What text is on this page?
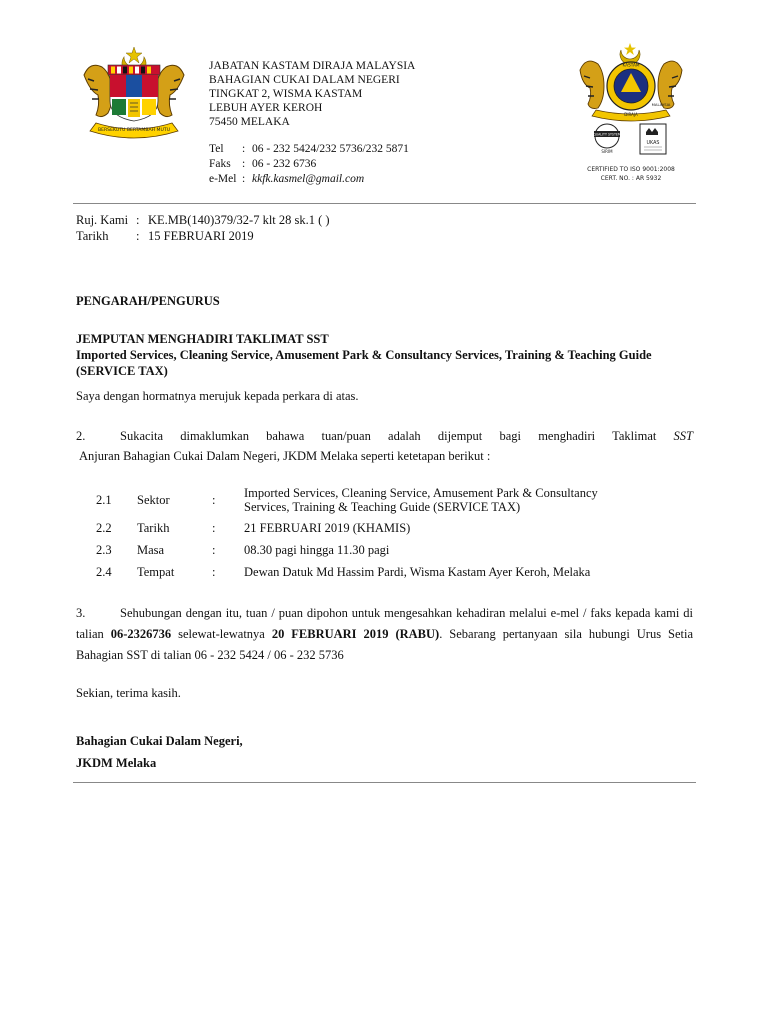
BERSEKUTU BERTAMBAH MUTU
JABATAN KASTAM DIRAJA MALAYSIA
BAHAGIAN CUKAI DALAM NEGERI
TINGKAT 2, WISMA KASTAM
LEBUH AYER KEROH
75450 MELAKA
Tel	: 06 - 232 5424/232 5736/232 5871
Faks : 06 - 232 6736
e-Mel : kkfk.kasmel@gmail.com
KASTAM
MALAYSIA
DIRAJA
QUALITY SYSTEM
SIRIM
UKAS
CERTIFIED TO ISO 9001:2008
CERT. NO. : AR 5932
Ruj. Kami : KE.MB(140)379/32-7 klt 28 sk.1 ( )
Tarikh	: 15 FEBRUARI 2019
PENGARAH/PENGURUS
JEMPUTAN MENGHADIRI TAKLIMAT SST
Imported Services, Cleaning Service, Amusement Park & Consultancy Services, Training & Teaching Guide (SERVICE TAX)
Saya dengan hormatnya merujuk kepada perkara di atas.
2.	Sukacita dimaklumkan bahawa tuan/puan adalah dijemput bagi menghadiri Taklimat SST
Anjuran Bahagian Cukai Dalam Negeri, JKDM Melaka seperti ketetapan berikut :
2.1 Sektor	: Imported Services, Cleaning Service, Amusement Park & Consultancy
Services, Training & Teaching Guide (SERVICE TAX)
2.2 Tarikh	: 21 FEBRUARI 2019 (KHAMIS)
2.3 Masa	: 08.30 pagi hingga 11.30 pagi
2.4 Tempat	: Dewan Datuk Md Hassim Pardi, Wisma Kastam Ayer Keroh, Melaka
3.	Sehubungan dengan itu, tuan / puan dipohon untuk mengesahkan kehadiran melalui e-mel / faks kepada kami di talian 06-2326736 selewat-lewatnya 20 FEBRUARI 2019 (RABU). Sebarang pertanyaan sila hubungi Urus Setia Bahagian SST di talian 06 - 232 5424 / 06 - 232 5736
Sekian, terima kasih.
Bahagian Cukai Dalam Negeri,
JKDM Melaka
